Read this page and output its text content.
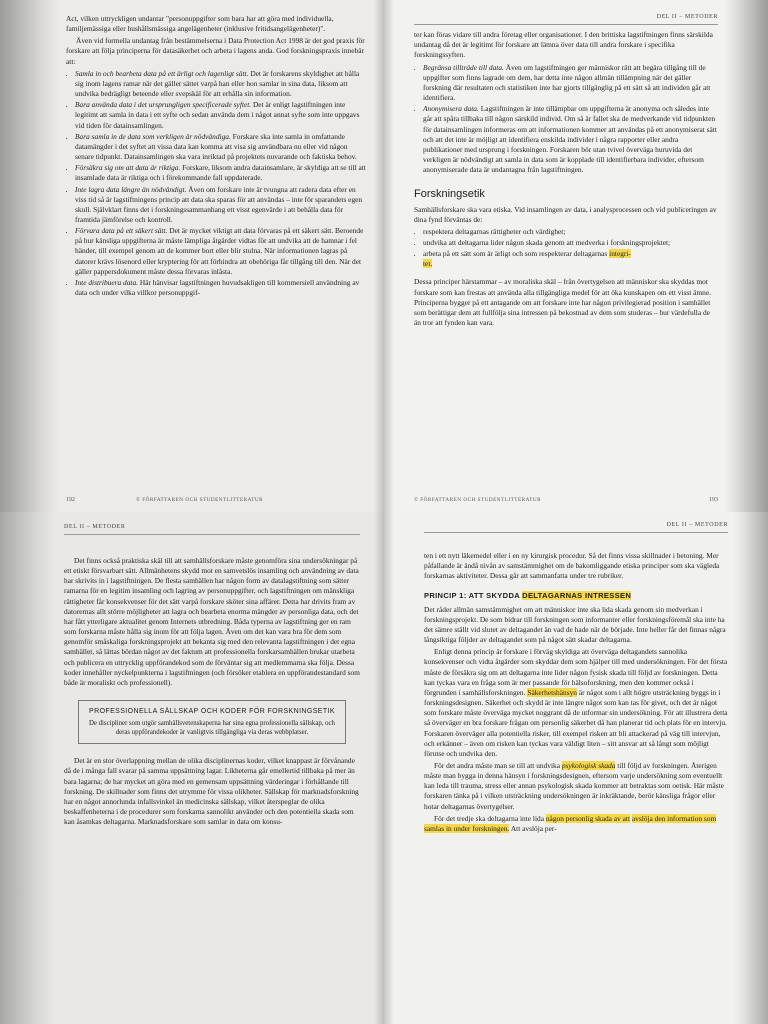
Act, vilken uttryckligen undantar "personuppgifter som bara har att göra med individuella, familjemässiga eller hushållsmässiga angelägenheter (inklusive fritidsangelägenheter)".

Även vid formella undantag från bestämmelserna i Data Protection Act 1998 är det god praxis för forskare att följa principerna för datasäkerhet och arbeta i lagens anda. God forskningspraxis innebär att:

• Samla in och bearbeta data på ett ärligt och lagenligt sätt. Det är forskarens skyldighet att hålla sig inom lagens ramar när det gäller sättet varpå han eller hon samlar in sina data, liksom att undvika bedrägligt beteende eller svepskäl för att erhålla sin information.
• Bara använda data i det ursprungligen specificerade syftet. Det är enligt lagstiftningen inte legitimt att samla in data i ett syfte och sedan använda dem i något annat syfte som inte uppgavs vid tiden för datainsamlingen.
• Bara samla in de data som verkligen är nödvändiga. Forskare ska inte samla in omfattande datamängder i det syftet att vissa data kan komma att visa sig användbara nu eller vid någon senare tidpunkt. Datainsamlingen ska vara inriktad på projektets nuvarande och faktiska behov.
• Försäkra sig om att data är riktiga. Forskare, liksom andra datainsamlare, är skyldiga att se till att insamlade data är riktiga och i förekommande fall uppdaterade.
• Inte lagra data längre än nödvändigt. Även om forskare inte är tvungna att radera data efter en viss tid så är lagstiftningens princip att data ska sparas för att användas – inte för sparandets egen skull. Självklart finns det i forskningssammanhang ett visst egenvärde i att behålla data för framtida jämförelse och kontroll.
• Förvara data på ett säkert sätt. Det är mycket viktigt att data förvaras på ett säkert sätt. Beroende på hur känsliga uppgifterna är måste lämpliga åtgärder vidtas för att undvika att de hamnar i fel händer, till exempel genom att de kommer bort eller blir stulna. När informationen lagras på datorer krävs lösenord eller kryptering för att förhindra att obehöriga får tillgång till den. När det gäller pappersdokument måste dessa förvaras inlåsta.
• Inte distribuera data. Här hänvisar lagstiftningen huvudsakligen till kommersiell användning av data och under vilka villkor personuppgif-
192	© FÖRFATTAREN OCH STUDENTLITTERATUR
DEL II – METODER

ter kan föras vidare till andra företag eller organisationer. I den brittiska lagstiftningen finns särskilda undantag då det är legitimt för forskare att lämna över data till andra forskare i specifika forskningssyften.

• Begränsa tillträde till data. Även om lagstiftningen ger människor rätt att begära tillgång till de uppgifter som finns lagrade om dem, har detta inte någon allmän tillämpning när det gäller forskning där resultaten och statistiken inte har gjorts tillgänglig på ett sätt så att individen går att identifiera.
• Anonymisera data. Lagstiftningen är inte tillämpbar om uppgifterna är anonyma och således inte går att spåra tillbaka till någon särskild individ. Om så är fallet ska de medverkande vid tidpunkten för datainsamlingen informeras om att informationen kommer att användas på ett anonymiserat sätt och att det inte är möjligt att identifiera enskilda individer i några rapporter eller andra publikationer med ursprung i forskningen. Forskaren bör utan tvivel överväga huruvida det verkligen är nödvändigt att samla in data som är kopplade till identifierbara individer, eftersom anonymiserade data är undantagna från lagstiftningen.
Forskningsetik

Samhällsforskare ska vara etiska. Vid insamlingen av data, i analysprocessen och vid publiceringen av dina fynd förväntas de:

• respektera deltagarnas rättigheter och värdighet;
• undvika att deltagarna lider någon skada genom att medverka i forskningsprojektet;
• arbeta på ett sätt som är ärligt och som respekterar deltagarnas integri-
tet.

Dessa principer härstammar – av moraliska skäl – från övertygelsen att människor ska skyddas mot forskare som kan frestas att använda alla tillgängliga medel för att öka kunskapen om ett visst ämne. Principerna bygger på ett antagande om att forskare inte har någon privilegierad position i samhället som berättigar dem att fullfölja sina intressen på bekostnad av dem som studeras – hur värdefulla de än tror att fynden kan vara.

© FÖRFATTAREN OCH STUDENTLITTERATUR	193
DEL II – METODER

Det finns också praktiska skäl till att samhällsforskare måste genomföra sina undersökningar på ett etiskt försvarbart sätt. Allmänhetens skydd mot en samvetslös insamling och användning av data har skrivits in i lagstiftningen. De flesta samhällen har någon form av datalagstiftning som sätter ramarna för en legitim insamling och lagring av personuppgifter, och lagstiftningen om mänskliga rättigheter får konsekvenser för det sätt varpå forskare sköter sina affärer. Detta har drivits fram av datorernas allt större möjligheter att lagra och bearbeta enorma mängder av personliga data, och det har fått ytterligare aktualitet genom Internets utbredning. Båda typerna av lagstiftning ger en ram som forskarna måste hålla sig inom för att följa lagen. Även om det kan vara bra för dem som genomför småskaliga forskningsprojekt att bekanta sig med den relevanta lagstiftningen i det egna samhället, så lättas bördan något av det faktum att professionella forskarsamhällen brukar utarbeta och publicera en uttrycklig uppförandekod som de förväntar sig att medlemmarna ska följa. Dessa koder innehåller nyckelpunkterna i lagstiftningen (och försöker etablera en uppförandestandard som både är moraliskt och professionell).

PROFESSIONELLA SÄLLSKAP OCH KODER FÖR FORSKNINGSETIK
De discipliner som utgör samhällsvetenskaperna har sina egna professionella sällskap, och deras uppförandekoder är vanligtvis tillgängliga via deras webbplatser.

Det är en stor överlappning mellan de olika disciplinernas koder, vilket knappast är förvånande då de i många fall svarar på samma uppsättning lagar. Likheterna går emellertid tillbaka på mer än bara lagarna; de har mycket att göra med en gemensam uppsättning värderingar i förhållande till forskning. De skillnader som finns det utrymme för vissa olikheter. Sällskap för marknadsforskning har en något annorlunda infallsvinkel än medicinska sällskap, vilket återspeglar de olika beskaffenheterna i de procedurer som forskarna sannolikt använder och den potentiella skada som kan åsamkas deltagarna. Marknadsforskare som samlar in data om konsu-

DEL II – METODER

ten i ett nytt läkemedel eller i en ny kirurgisk procedur. Så det finns vissa skillnader i betoning. Mer påfallande är ändå nivån av samstämmighet om de bakomliggande etiska principer som ska vägleda forskarnas aktiviteter. Dessa går att sammanfatta under tre rubriker.

PRINCIP 1: ATT SKYDDA DELTAGARNAS INTRESSEN

Det råder allmän samstämmighet om att människor inte ska lida skada genom sin medverkan i forskningsprojekt. De som bidrar till forskningen som informanter eller forskningsföremål ska inte ha det sämre ställt vid slutet av deltagandet än vad de hade när de började. Inte heller får det finnas några långsiktiga följder av deltagandet som på något sätt skadar deltagarna.

Enligt denna princip är forskare i förväg skyldiga att överväga deltagandets sannolika konsekvenser och vidta åtgärder som skyddar dem som hjälper till med undersökningen. För det första måste de försäkra sig om att deltagarna inte lider någon fysisk skada till följd av forskningen. Detta kan tyckas vara en fråga som är mer passande för hälsoforskning, men den kommer också i förgrunden i samhällsforskningen. Säkerhetshänsyn är något som i allt högre utsträckning byggs in i forskningsdesignen. Säkerhet och skydd är inte längre något som kan tas för givet, och det är något som forskare måste överväga mycket noggrant då de utformar sin undersökning. För att illustrera detta så överväger en bra forskare frågan om personlig säkerhet då han planerar tid och plats för en intervju. Forskaren överväger alla potentiella risker, till exempel risken att bli attackerad på väg till intervjun, och erkänner – även om risken kan tyckas vara väldigt liten – sitt ansvar att så långt som möjligt förutse och undvika den.

För det andra måste man se till att undvika psykologisk skada till följd av forskningen. Återigen måste man bygga in denna hänsyn i forskningsdesignen, eftersom varje undersökning som eventuellt kan leda till trauma, stress eller annan psykologisk skada kommer att betraktas som oetisk. Här måste forskaren tänka på i vilken utsträckning undersökningen är inkräktande, berör känsliga frågor eller hotar deltagarnas övertygelser.

För det tredje ska deltagarna inte lida någon personlig skada av att avslöja den information som samlas in under forskningen. Att avslöja per-
